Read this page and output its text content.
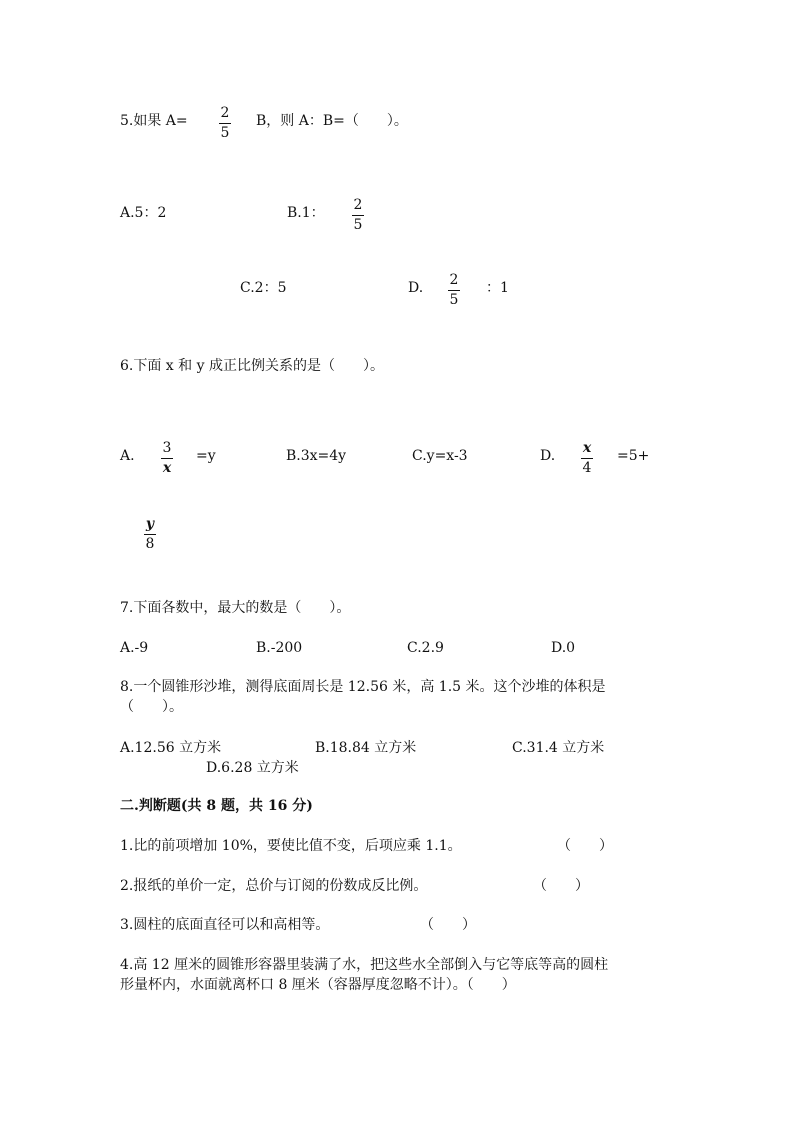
5.如果 A= 2
5
B，则 A：B=（　　）。
A.5：2	B.1： 2
5
C.2：5	D. 2
5
：1
6.下面 x 和 y 成正比例关系的是（　　）。
A. 3
x
=y	B.3x=4y	C.y=x-3	D. x
4
=5+
y
8
7.下面各数中，最大的数是（　　）。
A.-9	B.-200	C.2.9	D.0
8.一个圆锥形沙堆，测得底面周长是 12.56 米，高 1.5 米。这个沙堆的体积是
（　　）。
A.12.56 立方米	B.18.84 立方米	C.31.4 立方米
D.6.28 立方米
二.判断题(共 8 题，共 16 分)
1.比的前项增加 10%，要使比值不变，后项应乘 1.1。	（　　）
2.报纸的单价一定，总价与订阅的份数成反比例。	（　　）
3.圆柱的底面直径可以和高相等。	（　　）
4.高 12 厘米的圆锥形容器里装满了水，把这些水全部倒入与它等底等高的圆柱
形量杯内，水面就离杯口 8 厘米（容器厚度忽略不计）。（　　）
